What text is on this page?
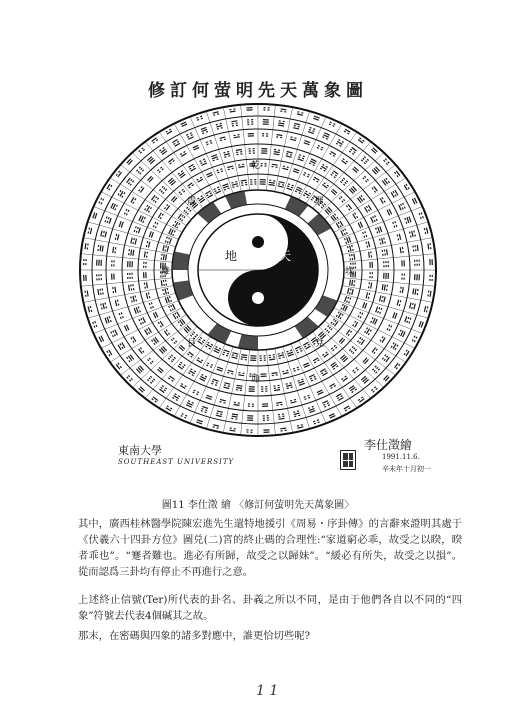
修訂何萤明先天萬象圖
地	天
乾
坤
離	坎
震	巽
艮	兌
東南大學
SOUTHEAST UNIVERSITY
李仕澂繪
1991.11.6.
辛未年十月初一
圖11 李仕澂 繪 〈修訂何萤明先天萬象圖〉
其中，廣西桂林醫學院陳宏進先生還特地援引《周易・序卦傳》的言辭來證明其處于《伏羲六十四卦方位》圖兑(二)宮的終止碼的合理性:“家道窮必乖，故受之以睽，睽者乖也”。“蹇者難也。進必有所歸，故受之以歸妹”。“緩必有所失，故受之以損”。從而認爲三卦均有停止不再進行之意。
上述終止信號(Ter)所代表的卦名、卦義之所以不同，是由于他們各自以不同的“四象”符號去代表4個碱其之故。
那末，在密碼與四象的諸多對應中，誰更恰切些呢?
1 1
